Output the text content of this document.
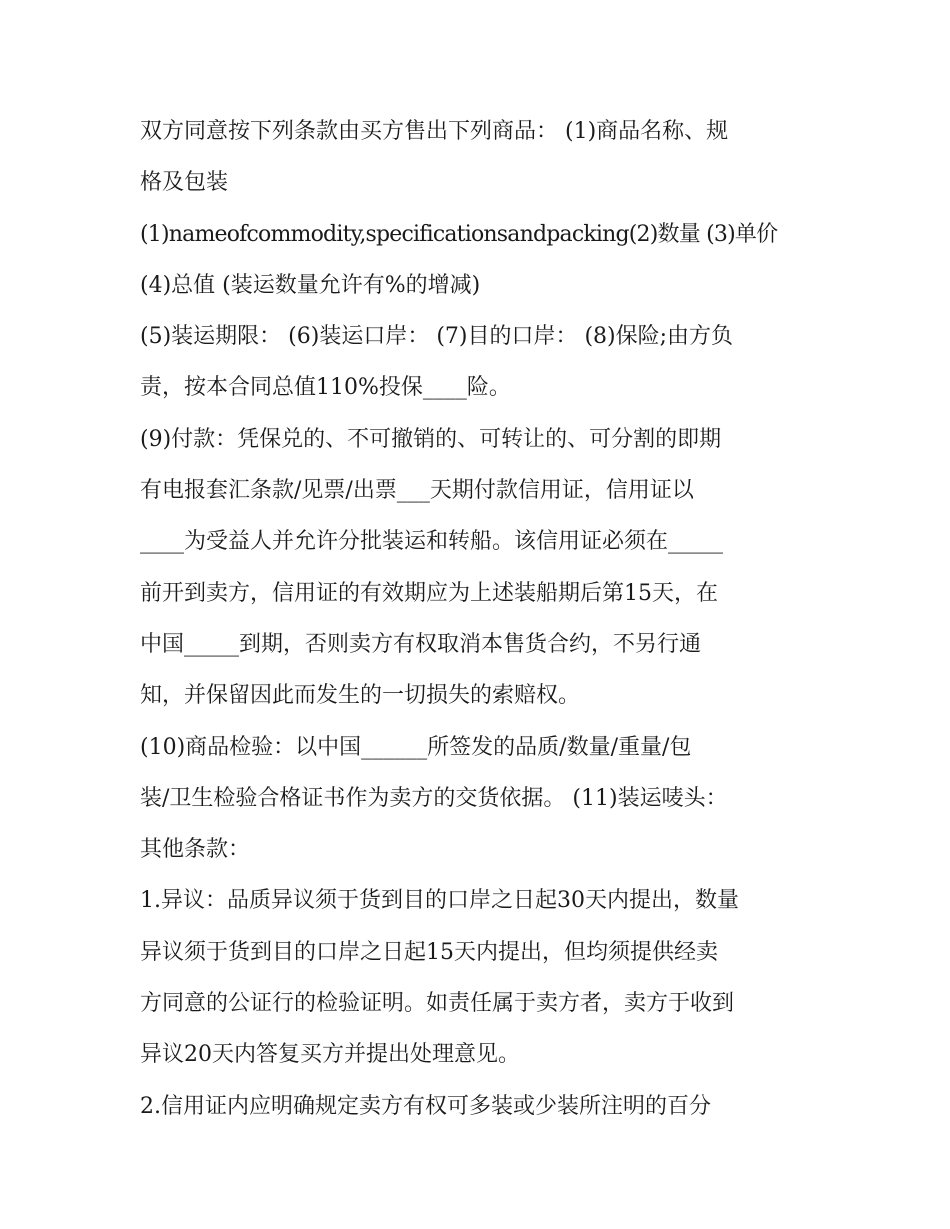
双方同意按下列条款由买方售出下列商品： (1)商品名称、规
格及包装
(1)nameofcommodity,specificationsandpacking(2)数量 (3)单价
(4)总值 (装运数量允许有%的增减)
(5)装运期限： (6)装运口岸： (7)目的口岸： (8)保险;由方负
责，按本合同总值110%投保____险。
(9)付款：凭保兑的、不可撤销的、可转让的、可分割的即期
有电报套汇条款/见票/出票___天期付款信用证，信用证以
____为受益人并允许分批装运和转船。该信用证必须在_____
前开到卖方，信用证的有效期应为上述装船期后第15天，在
中国_____到期，否则卖方有权取消本售货合约，不另行通
知，并保留因此而发生的一切损失的索赔权。
(10)商品检验：以中国______所签发的品质/数量/重量/包
装/卫生检验合格证书作为卖方的交货依据。 (11)装运唛头：
其他条款：
1.异议：品质异议须于货到目的口岸之日起30天内提出，数量
异议须于货到目的口岸之日起15天内提出，但均须提供经卖
方同意的公证行的检验证明。如责任属于卖方者，卖方于收到
异议20天内答复买方并提出处理意见。
2.信用证内应明确规定卖方有权可多装或少装所注明的百分
